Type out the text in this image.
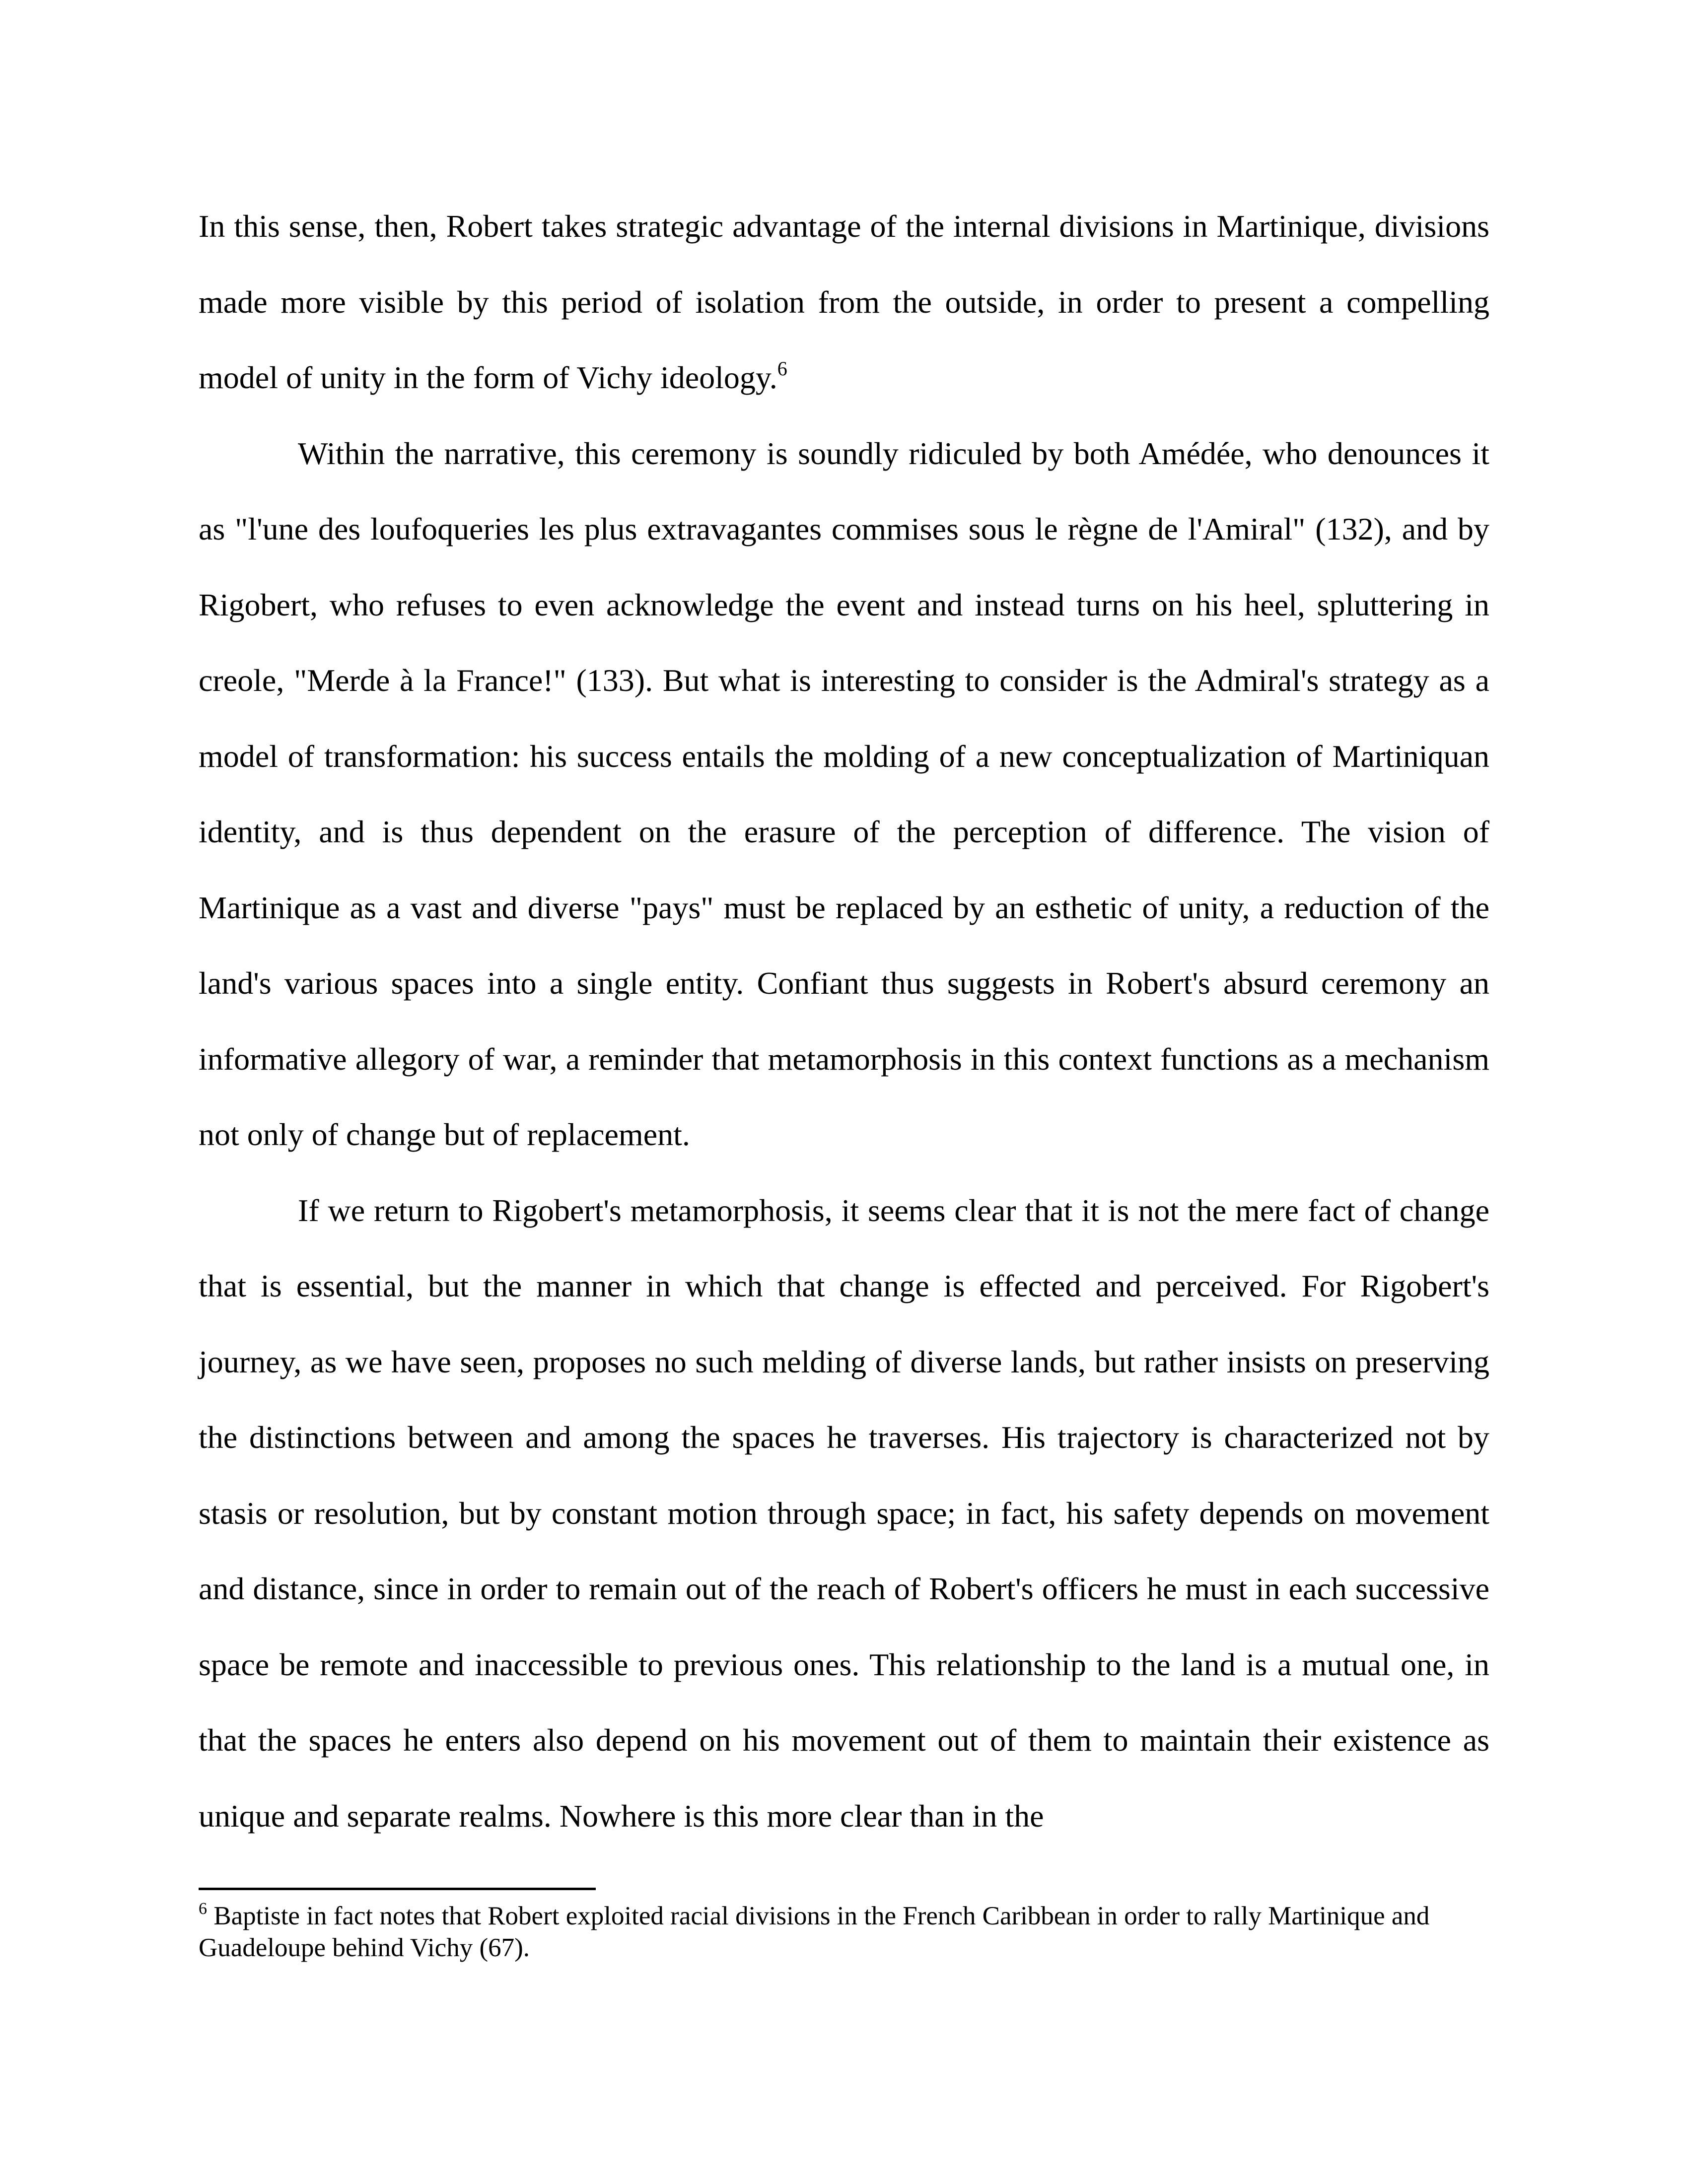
In this sense, then, Robert takes strategic advantage of the internal divisions in Martinique, divisions made more visible by this period of isolation from the outside, in order to present a compelling model of unity in the form of Vichy ideology.$^6$

Within the narrative, this ceremony is soundly ridiculed by both Amédée, who denounces it as "l'une des loufoqueries les plus extravagantes commises sous le règne de l'Amiral" (132), and by Rigobert, who refuses to even acknowledge the event and instead turns on his heel, spluttering in creole, "Merde à la France!" (133). But what is interesting to consider is the Admiral's strategy as a model of transformation: his success entails the molding of a new conceptualization of Martiniquan identity, and is thus dependent on the erasure of the perception of difference. The vision of Martinique as a vast and diverse "pays" must be replaced by an esthetic of unity, a reduction of the land's various spaces into a single entity. Confiant thus suggests in Robert's absurd ceremony an informative allegory of war, a reminder that metamorphosis in this context functions as a mechanism not only of change but of replacement.

If we return to Rigobert's metamorphosis, it seems clear that it is not the mere fact of change that is essential, but the manner in which that change is effected and perceived. For Rigobert's journey, as we have seen, proposes no such melding of diverse lands, but rather insists on preserving the distinctions between and among the spaces he traverses. His trajectory is characterized not by stasis or resolution, but by constant motion through space; in fact, his safety depends on movement and distance, since in order to remain out of the reach of Robert's officers he must in each successive space be remote and inaccessible to previous ones. This relationship to the land is a mutual one, in that the spaces he enters also depend on his movement out of them to maintain their existence as unique and separate realms. Nowhere is this more clear than in the

$^6$ Baptiste in fact notes that Robert exploited racial divisions in the French Caribbean in order to rally Martinique and Guadeloupe behind Vichy (67).
